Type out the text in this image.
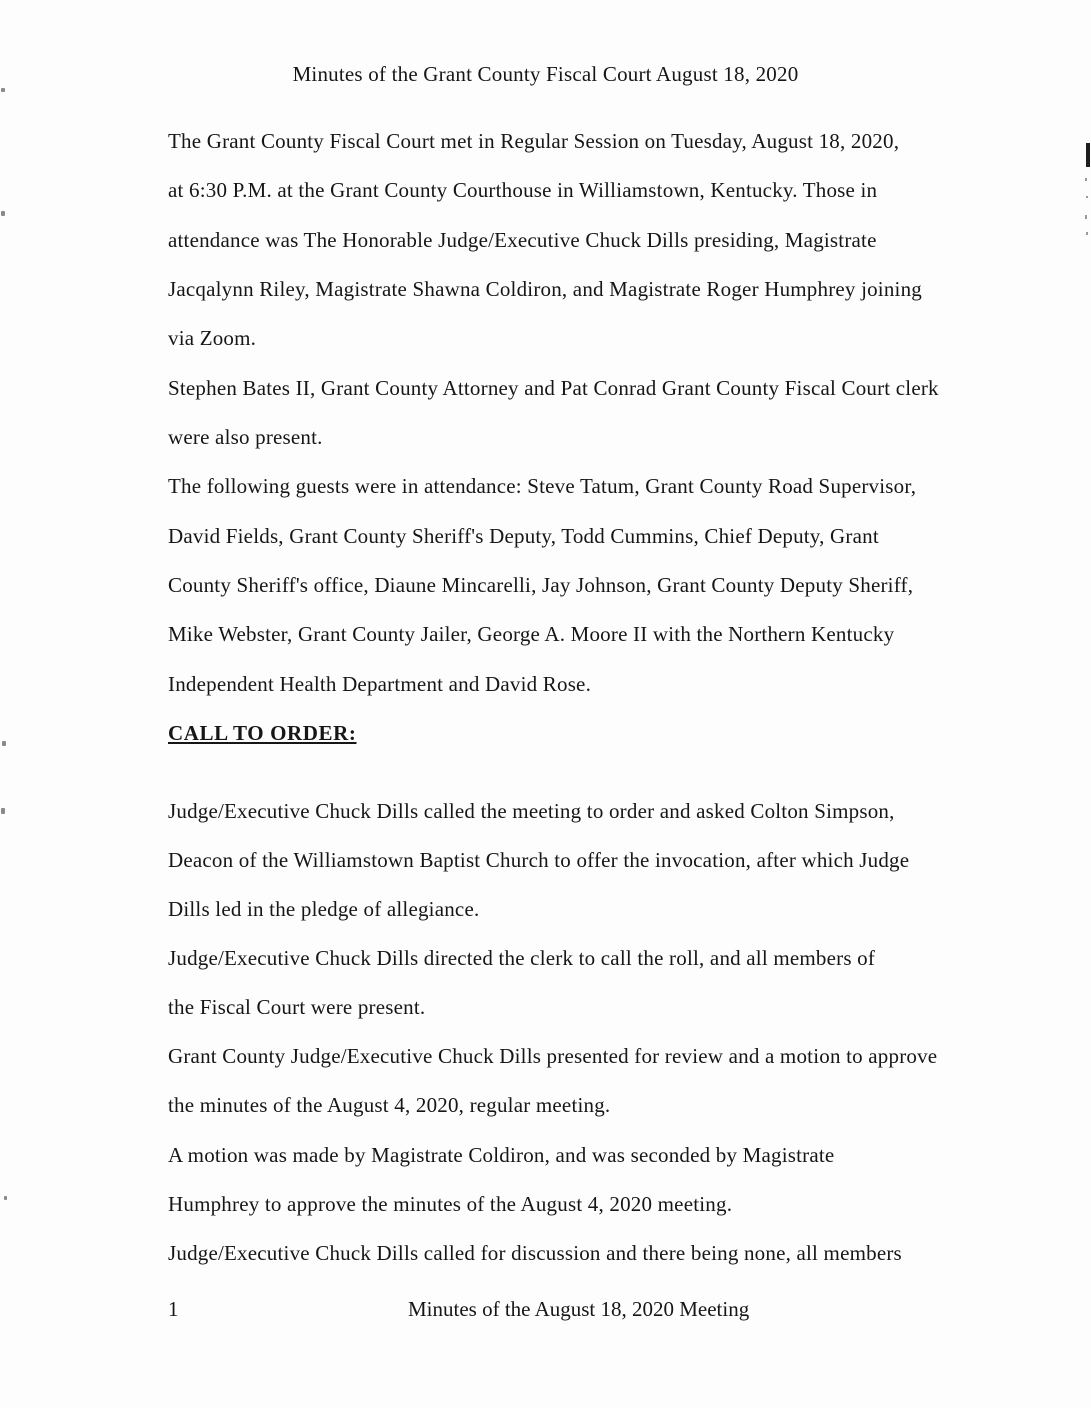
Minutes of the Grant County Fiscal Court August 18, 2020
The Grant County Fiscal Court met in Regular Session on Tuesday, August 18, 2020,
at 6:30 P.M. at the Grant County Courthouse in Williamstown, Kentucky. Those in
attendance was The Honorable Judge/Executive Chuck Dills presiding, Magistrate
Jacqalynn Riley, Magistrate Shawna Coldiron, and Magistrate Roger Humphrey joining
via Zoom.
Stephen Bates II, Grant County Attorney and Pat Conrad Grant County Fiscal Court clerk
were also present.
The following guests were in attendance: Steve Tatum, Grant County Road Supervisor,
David Fields, Grant County Sheriff's Deputy, Todd Cummins, Chief Deputy, Grant
County Sheriff's office, Diaune Mincarelli, Jay Johnson, Grant County Deputy Sheriff,
Mike Webster, Grant County Jailer, George A. Moore II with the Northern Kentucky
Independent Health Department and David Rose.
CALL TO ORDER:
Judge/Executive Chuck Dills called the meeting to order and asked Colton Simpson,
Deacon of the Williamstown Baptist Church to offer the invocation, after which Judge
Dills led in the pledge of allegiance.
Judge/Executive Chuck Dills directed the clerk to call the roll, and all members of
the Fiscal Court were present.
Grant County Judge/Executive Chuck Dills presented for review and a motion to approve
the minutes of the August 4, 2020, regular meeting.
A motion was made by Magistrate Coldiron, and was seconded by Magistrate
Humphrey to approve the minutes of the August 4, 2020 meeting.
Judge/Executive Chuck Dills called for discussion and there being none, all members
1	Minutes of the August 18, 2020 Meeting
